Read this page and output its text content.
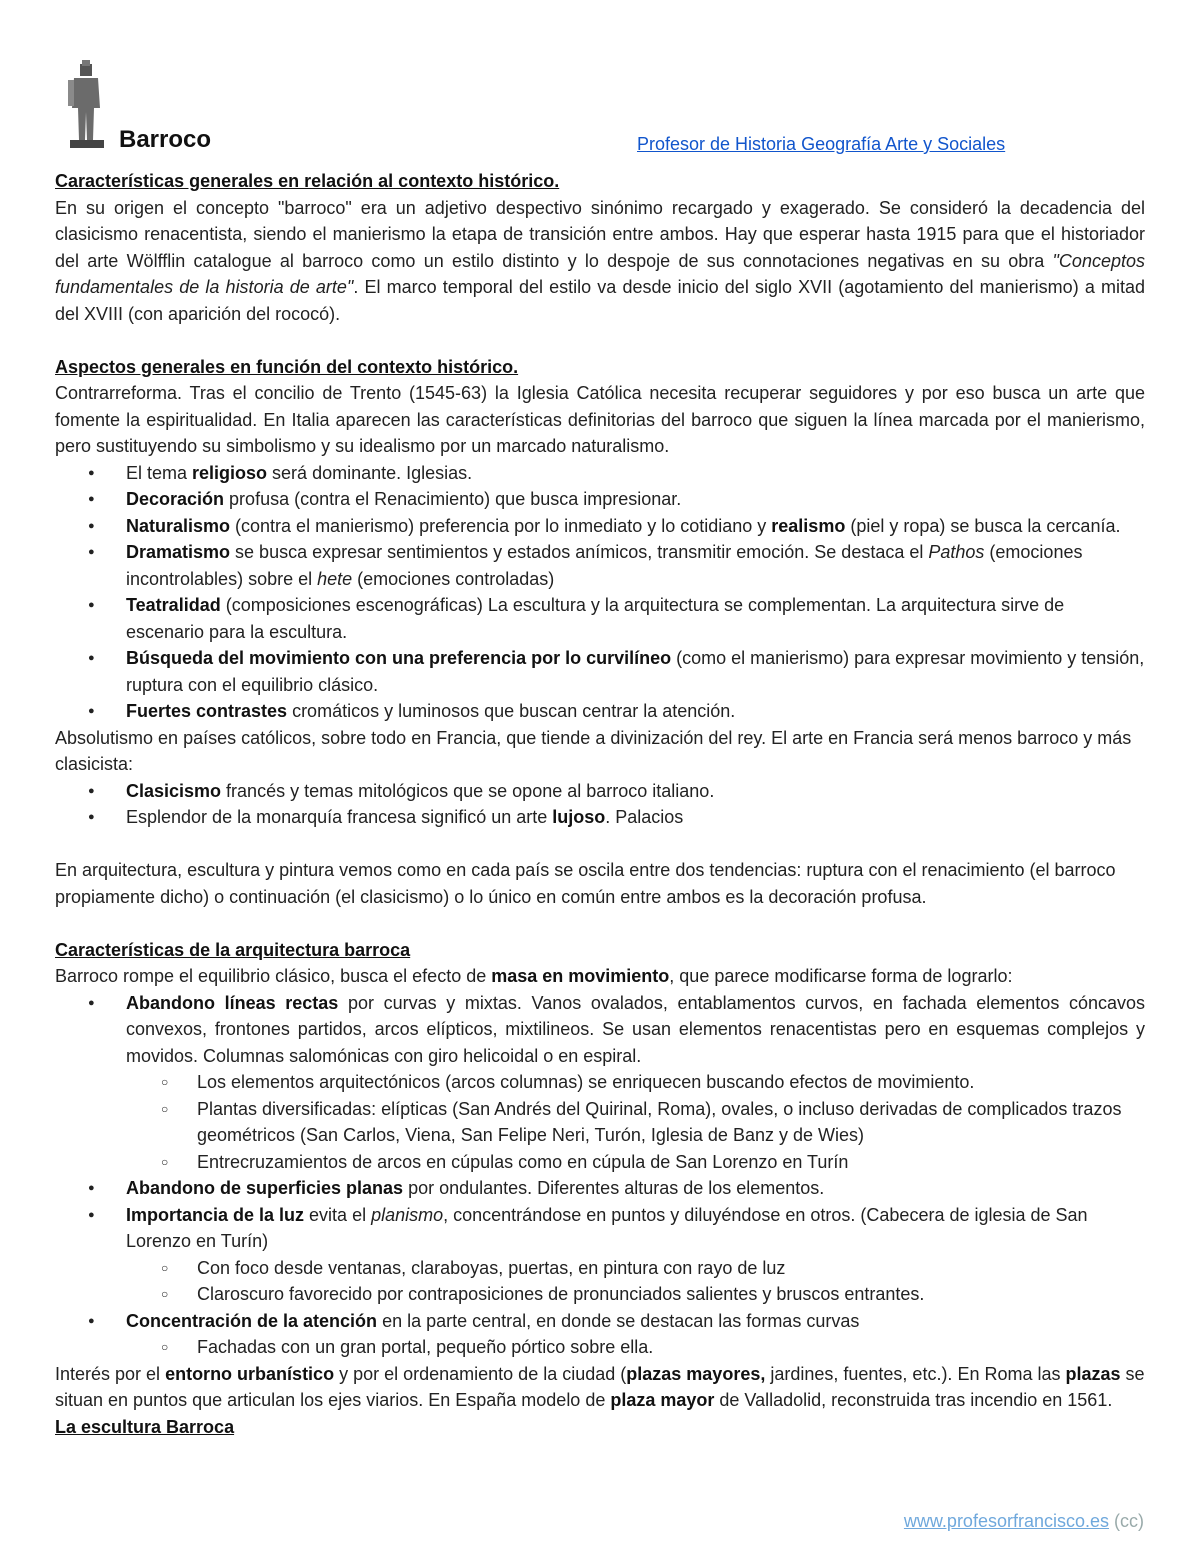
Barroco	Profesor de Historia Geografía Arte y Sociales
Características generales en relación al contexto histórico.

En su origen el concepto "barroco" era un adjetivo despectivo sinónimo recargado y exagerado. Se consideró la decadencia del clasicismo renacentista, siendo el manierismo la etapa de transición entre ambos. Hay que esperar hasta 1915 para que el historiador del arte Wölfflin catalogue al barroco como un estilo distinto y lo despoje de sus connotaciones negativas en su obra "Conceptos fundamentales de la historia de arte". El marco temporal del estilo va desde inicio del siglo XVII (agotamiento del manierismo) a mitad del XVIII (con aparición del rococó).

Aspectos generales en función del contexto histórico.

Contrarreforma. Tras el concilio de Trento (1545-63) la Iglesia Católica necesita recuperar seguidores y por eso busca un arte que fomente la espiritualidad. En Italia aparecen las características definitorias del barroco que siguen la línea marcada por el manierismo, pero sustituyendo su simbolismo y su idealismo por un marcado naturalismo.

● El tema religioso será dominante. Iglesias.
● Decoración profusa (contra el Renacimiento) que busca impresionar.
● Naturalismo (contra el manierismo) preferencia por lo inmediato y lo cotidiano y realismo (piel y ropa) se busca la cercanía.
● Dramatismo se busca expresar sentimientos y estados anímicos, transmitir emoción. Se destaca el Pathos (emociones incontrolables) sobre el hete (emociones controladas)
● Teatralidad (composiciones escenográficas) La escultura y la arquitectura se complementan. La arquitectura sirve de escenario para la escultura.
● Búsqueda del movimiento con una preferencia por lo curvilíneo (como el manierismo) para expresar movimiento y tensión, ruptura con el equilibrio clásico.
● Fuertes contrastes cromáticos y luminosos que buscan centrar la atención.

Absolutismo en países católicos, sobre todo en Francia, que tiende a divinización del rey. El arte en Francia será menos barroco y más clasicista:

● Clasicismo francés y temas mitológicos que se opone al barroco italiano.
● Esplendor de la monarquía francesa significó un arte lujoso. Palacios

En arquitectura, escultura y pintura vemos como en cada país se oscila entre dos tendencias: ruptura con el renacimiento (el barroco propiamente dicho) o continuación (el clasicismo) o lo único en común entre ambos es la decoración profusa.

Características de la arquitectura barroca

Barroco rompe el equilibrio clásico, busca el efecto de masa en movimiento, que parece modificarse forma de lograrlo:

● Abandono líneas rectas por curvas y mixtas. Vanos ovalados, entablamentos curvos, en fachada elementos cóncavos convexos, frontones partidos, arcos elípticos, mixtilineos. Se usan elementos renacentistas pero en esquemas complejos y movidos. Columnas salomónicas con giro helicoidal o en espiral.
○ Los elementos arquitectónicos (arcos columnas) se enriquecen buscando efectos de movimiento.
○ Plantas diversificadas: elípticas (San Andrés del Quirinal, Roma), ovales, o incluso derivadas de complicados trazos geométricos (San Carlos, Viena, San Felipe Neri, Turón, Iglesia de Banz y de Wies)
○ Entrecruzamientos de arcos en cúpulas como en cúpula de San Lorenzo en Turín
● Abandono de superficies planas por ondulantes. Diferentes alturas de los elementos.
● Importancia de la luz evita el planismo, concentrándose en puntos y diluyéndose en otros. (Cabecera de iglesia de San Lorenzo en Turín)
○ Con foco desde ventanas, claraboyas, puertas, en pintura con rayo de luz
○ Claroscuro favorecido por contraposiciones de pronunciados salientes y bruscos entrantes.
● Concentración de la atención en la parte central, en donde se destacan las formas curvas
○ Fachadas con un gran portal, pequeño pórtico sobre ella.

Interés por el entorno urbanístico y por el ordenamiento de la ciudad (plazas mayores, jardines, fuentes, etc.). En Roma las plazas se situan en puntos que articulan los ejes viarios. En España modelo de plaza mayor de Valladolid, reconstruida tras incendio en 1561.

La escultura Barroca
www.profesorfrancisco.es (cc)
